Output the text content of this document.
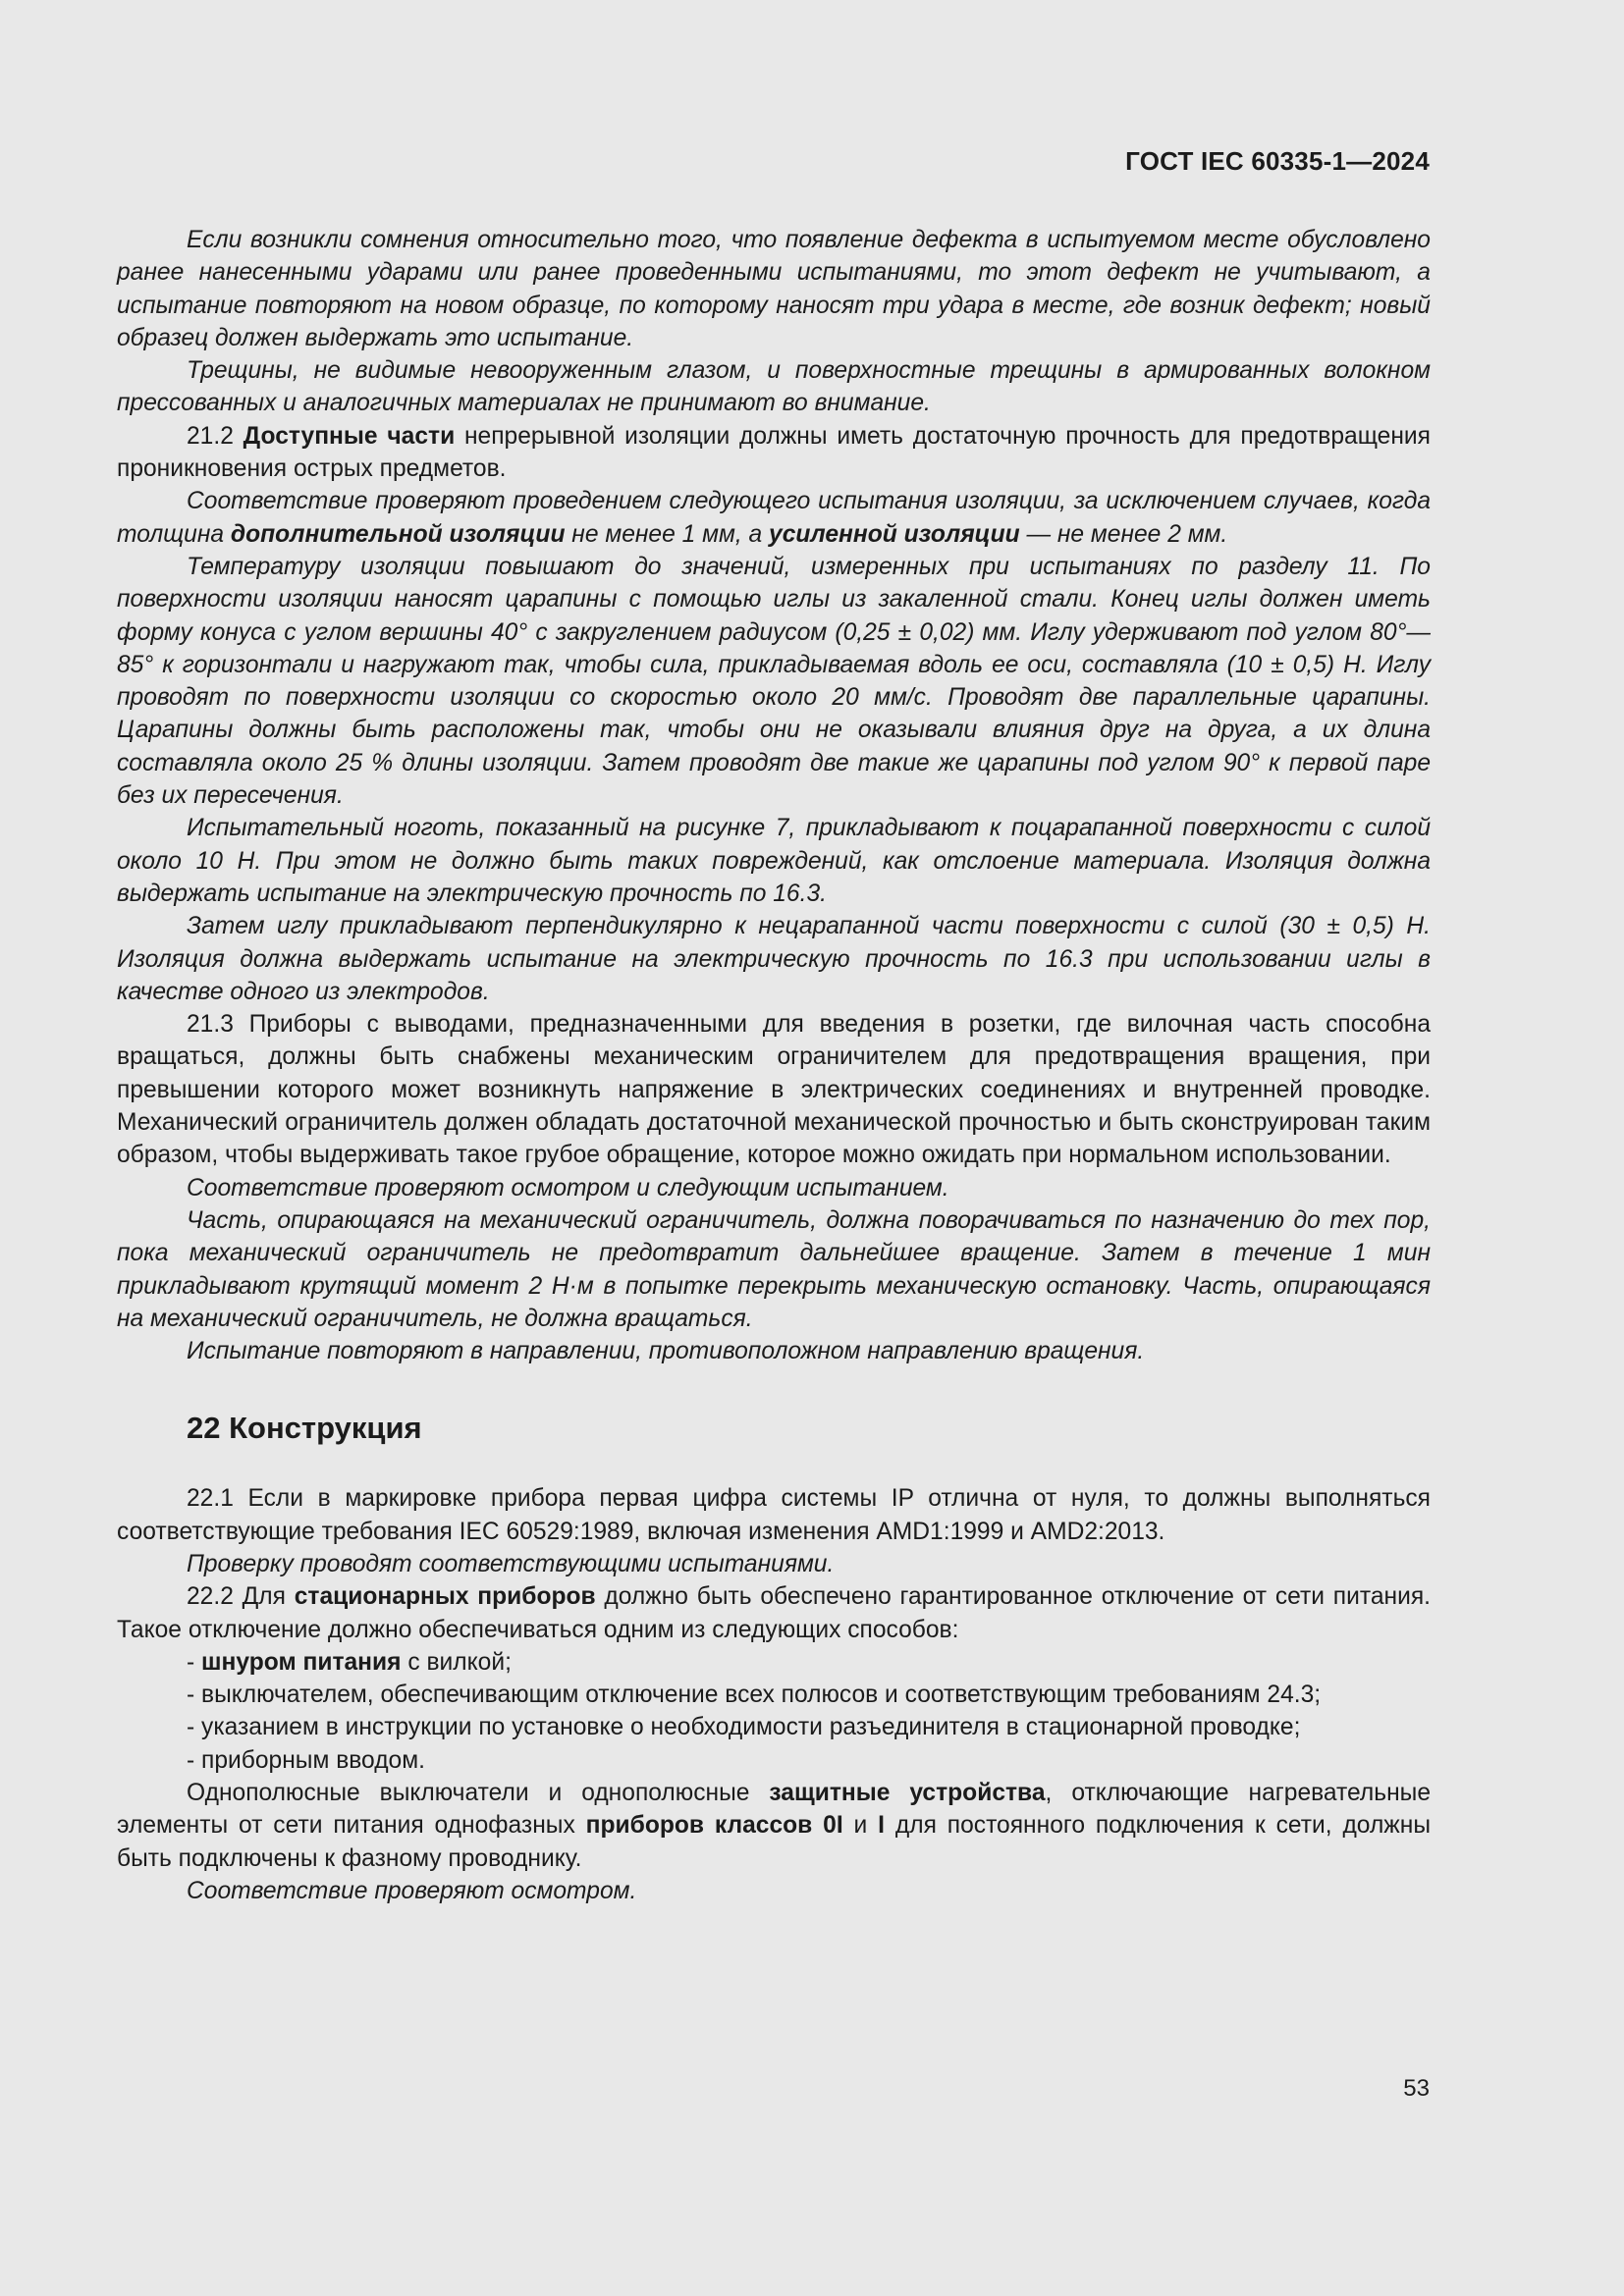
ГОСТ IEC 60335-1—2024

Если возникли сомнения относительно того, что появление дефекта в испытуемом месте обусловлено ранее нанесенными ударами или ранее проведенными испытаниями, то этот дефект не учитывают, а испытание повторяют на новом образце, по которому наносят три удара в месте, где возник дефект; новый образец должен выдержать это испытание.

Трещины, не видимые невооруженным глазом, и поверхностные трещины в армированных волокном прессованных и аналогичных материалах не принимают во внимание.

21.2 Доступные части непрерывной изоляции должны иметь достаточную прочность для предотвращения проникновения острых предметов.

Соответствие проверяют проведением следующего испытания изоляции, за исключением случаев, когда толщина дополнительной изоляции не менее 1 мм, а усиленной изоляции — не менее 2 мм.

Температуру изоляции повышают до значений, измеренных при испытаниях по разделу 11. По поверхности изоляции наносят царапины с помощью иглы из закаленной стали. Конец иглы должен иметь форму конуса с углом вершины 40° с закруглением радиусом (0,25 ± 0,02) мм. Иглу удерживают под углом 80°— 85° к горизонтали и нагружают так, чтобы сила, прикладываемая вдоль ее оси, составляла (10 ± 0,5) Н. Иглу проводят по поверхности изоляции со скоростью около 20 мм/с. Проводят две параллельные царапины. Царапины должны быть расположены так, чтобы они не оказывали влияния друг на друга, а их длина составляла около 25 % длины изоляции. Затем проводят две такие же царапины под углом 90° к первой паре без их пересечения.

Испытательный ноготь, показанный на рисунке 7, прикладывают к поцарапанной поверхности с силой около 10 Н. При этом не должно быть таких повреждений, как отслоение материала. Изоляция должна выдержать испытание на электрическую прочность по 16.3.

Затем иглу прикладывают перпендикулярно к нецарапанной части поверхности с силой (30 ± 0,5) Н. Изоляция должна выдержать испытание на электрическую прочность по 16.3 при использовании иглы в качестве одного из электродов.

21.3 Приборы с выводами, предназначенными для введения в розетки, где вилочная часть способна вращаться, должны быть снабжены механическим ограничителем для предотвращения вращения, при превышении которого может возникнуть напряжение в электрических соединениях и внутренней проводке. Механический ограничитель должен обладать достаточной механической прочностью и быть сконструирован таким образом, чтобы выдерживать такое грубое обращение, которое можно ожидать при нормальном использовании.

Соответствие проверяют осмотром и следующим испытанием.

Часть, опирающаяся на механический ограничитель, должна поворачиваться по назначению до тех пор, пока механический ограничитель не предотвратит дальнейшее вращение. Затем в течение 1 мин прикладывают крутящий момент 2 Н·м в попытке перекрыть механическую остановку. Часть, опирающаяся на механический ограничитель, не должна вращаться.

Испытание повторяют в направлении, противоположном направлению вращения.

22 Конструкция

22.1 Если в маркировке прибора первая цифра системы IP отлична от нуля, то должны выполняться соответствующие требования IEC 60529:1989, включая изменения AMD1:1999 и AMD2:2013.

Проверку проводят соответствующими испытаниями.

22.2 Для стационарных приборов должно быть обеспечено гарантированное отключение от сети питания. Такое отключение должно обеспечиваться одним из следующих способов:

- шнуром питания с вилкой;

- выключателем, обеспечивающим отключение всех полюсов и соответствующим требованиям 24.3;

- указанием в инструкции по установке о необходимости разъединителя в стационарной проводке;

- приборным вводом.

Однополюсные выключатели и однополюсные защитные устройства, отключающие нагревательные элементы от сети питания однофазных приборов классов 0I и I для постоянного подключения к сети, должны быть подключены к фазному проводнику.

Соответствие проверяют осмотром.

53
